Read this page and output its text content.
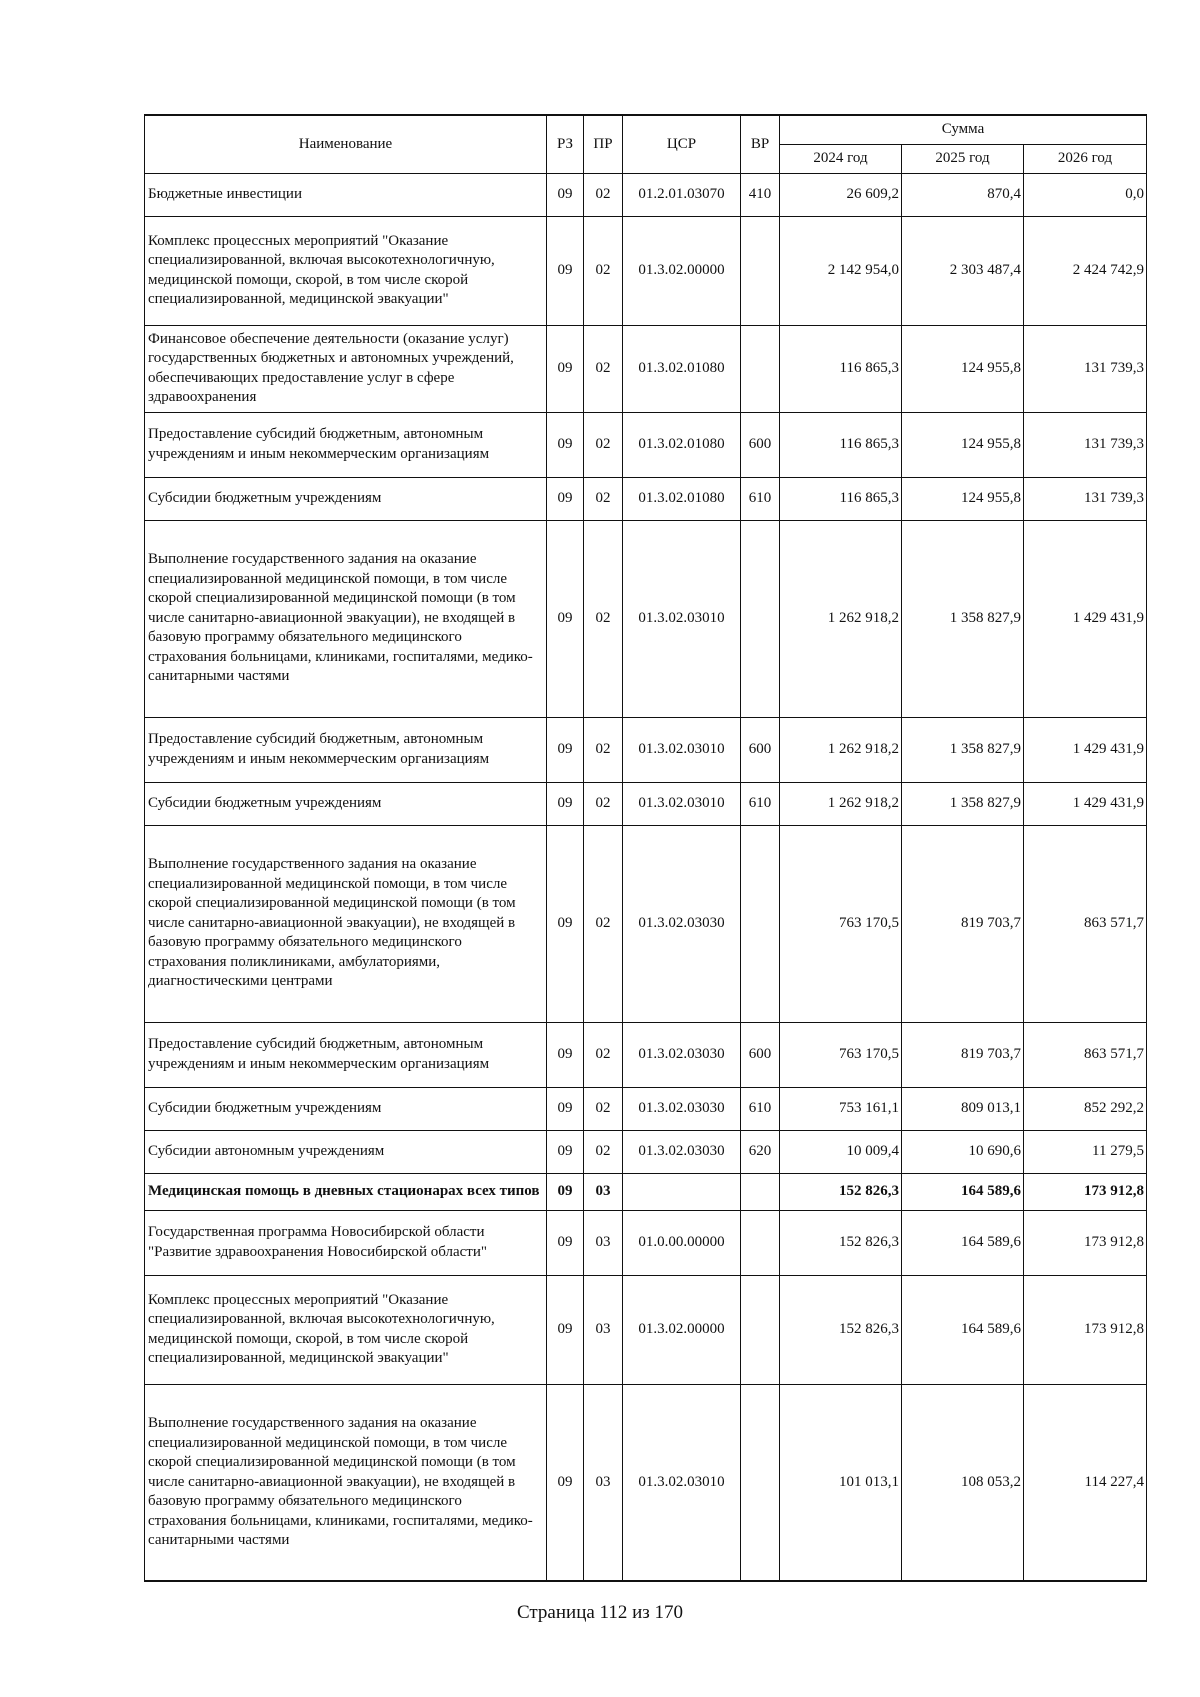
Наименование	РЗ	ПР	ЦСР	ВР	Сумма		
					2024 год	2025 год	2026 год
Бюджетные инвестиции	09	02	01.2.01.03070	410	26 609,2	870,4	0,0
Комплекс процессных мероприятий "Оказание специализированной, включая высокотехнологичную, медицинской помощи, скорой, в том числе скорой специализированной, медицинской эвакуации"	09	02	01.3.02.00000		2 142 954,0	2 303 487,4	2 424 742,9
Финансовое обеспечение деятельности (оказание услуг) государственных бюджетных и автономных учреждений, обеспечивающих предоставление услуг в сфере здравоохранения	09	02	01.3.02.01080		116 865,3	124 955,8	131 739,3
Предоставление субсидий бюджетным, автономным учреждениям и иным некоммерческим организациям	09	02	01.3.02.01080	600	116 865,3	124 955,8	131 739,3
Субсидии бюджетным учреждениям	09	02	01.3.02.01080	610	116 865,3	124 955,8	131 739,3
Выполнение государственного задания на оказание специализированной медицинской помощи, в том числе скорой специализированной медицинской помощи (в том числе санитарно-авиационной эвакуации), не входящей в базовую программу обязательного медицинского страхования больницами, клиниками, госпиталями, медико-санитарными частями	09	02	01.3.02.03010		1 262 918,2	1 358 827,9	1 429 431,9
Предоставление субсидий бюджетным, автономным учреждениям и иным некоммерческим организациям	09	02	01.3.02.03010	600	1 262 918,2	1 358 827,9	1 429 431,9
Субсидии бюджетным учреждениям	09	02	01.3.02.03010	610	1 262 918,2	1 358 827,9	1 429 431,9
Выполнение государственного задания на оказание специализированной медицинской помощи, в том числе скорой специализированной медицинской помощи (в том числе санитарно-авиационной эвакуации), не входящей в базовую программу обязательного медицинского страхования поликлиниками, амбулаториями, диагностическими центрами	09	02	01.3.02.03030		763 170,5	819 703,7	863 571,7
Предоставление субсидий бюджетным, автономным учреждениям и иным некоммерческим организациям	09	02	01.3.02.03030	600	763 170,5	819 703,7	863 571,7
Субсидии бюджетным учреждениям	09	02	01.3.02.03030	610	753 161,1	809 013,1	852 292,2
Субсидии автономным учреждениям	09	02	01.3.02.03030	620	10 009,4	10 690,6	11 279,5
Медицинская помощь в дневных стационарах всех типов	09	03			152 826,3	164 589,6	173 912,8
Государственная программа Новосибирской области "Развитие здравоохранения Новосибирской области"	09	03	01.0.00.00000		152 826,3	164 589,6	173 912,8
Комплекс процессных мероприятий "Оказание специализированной, включая высокотехнологичную, медицинской помощи, скорой, в том числе скорой специализированной, медицинской эвакуации"	09	03	01.3.02.00000		152 826,3	164 589,6	173 912,8
Выполнение государственного задания на оказание специализированной медицинской помощи, в том числе скорой специализированной медицинской помощи (в том числе санитарно-авиационной эвакуации), не входящей в базовую программу обязательного медицинского страхования больницами, клиниками, госпиталями, медико-санитарными частями	09	03	01.3.02.03010		101 013,1	108 053,2	114 227,4
Страница 112 из 170
